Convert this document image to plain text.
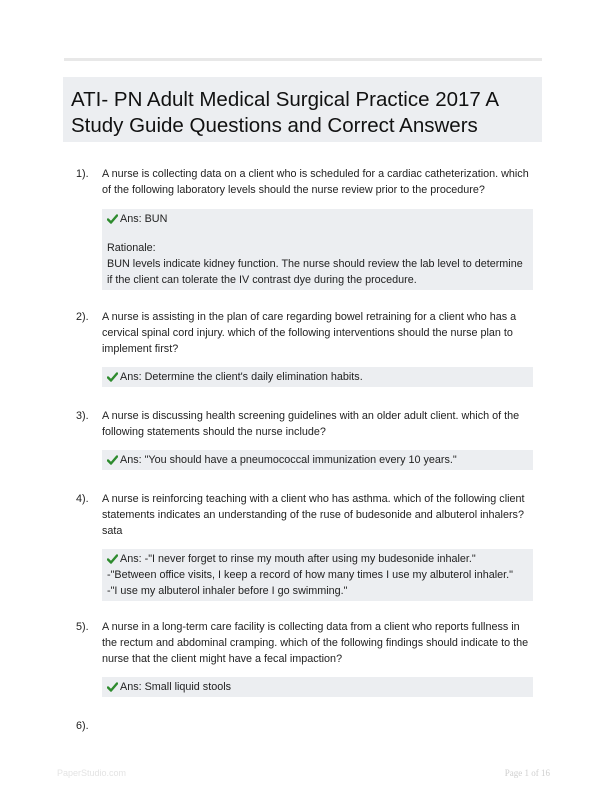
ATI- PN Adult Medical Surgical Practice 2017 A Study Guide Questions and Correct Answers
1). A nurse is collecting data on a client who is scheduled for a cardiac catheterization. which of the following laboratory levels should the nurse review prior to the procedure?
Ans: BUN
Rationale:
BUN levels indicate kidney function. The nurse should review the lab level to determine if the client can tolerate the IV contrast dye during the procedure.
2). A nurse is assisting in the plan of care regarding bowel retraining for a client who has a cervical spinal cord injury. which of the following interventions should the nurse plan to implement first?
Ans: Determine the client's daily elimination habits.
3). A nurse is discussing health screening guidelines with an older adult client. which of the following statements should the nurse include?
Ans: "You should have a pneumococcal immunization every 10 years."
4). A nurse is reinforcing teaching with a client who has asthma. which of the following client statements indicates an understanding of the ruse of budesonide and albuterol inhalers? sata
Ans: -"I never forget to rinse my mouth after using my budesonide inhaler."
-"Between office visits, I keep a record of how many times I use my albuterol inhaler."
-"I use my albuterol inhaler before I go swimming."
5). A nurse in a long-term care facility is collecting data from a client who reports fullness in the rectum and abdominal cramping. which of the following findings should indicate to the nurse that the client might have a fecal impaction?
Ans: Small liquid stools
6).
PaperStudio.com	Page 1 of 16
